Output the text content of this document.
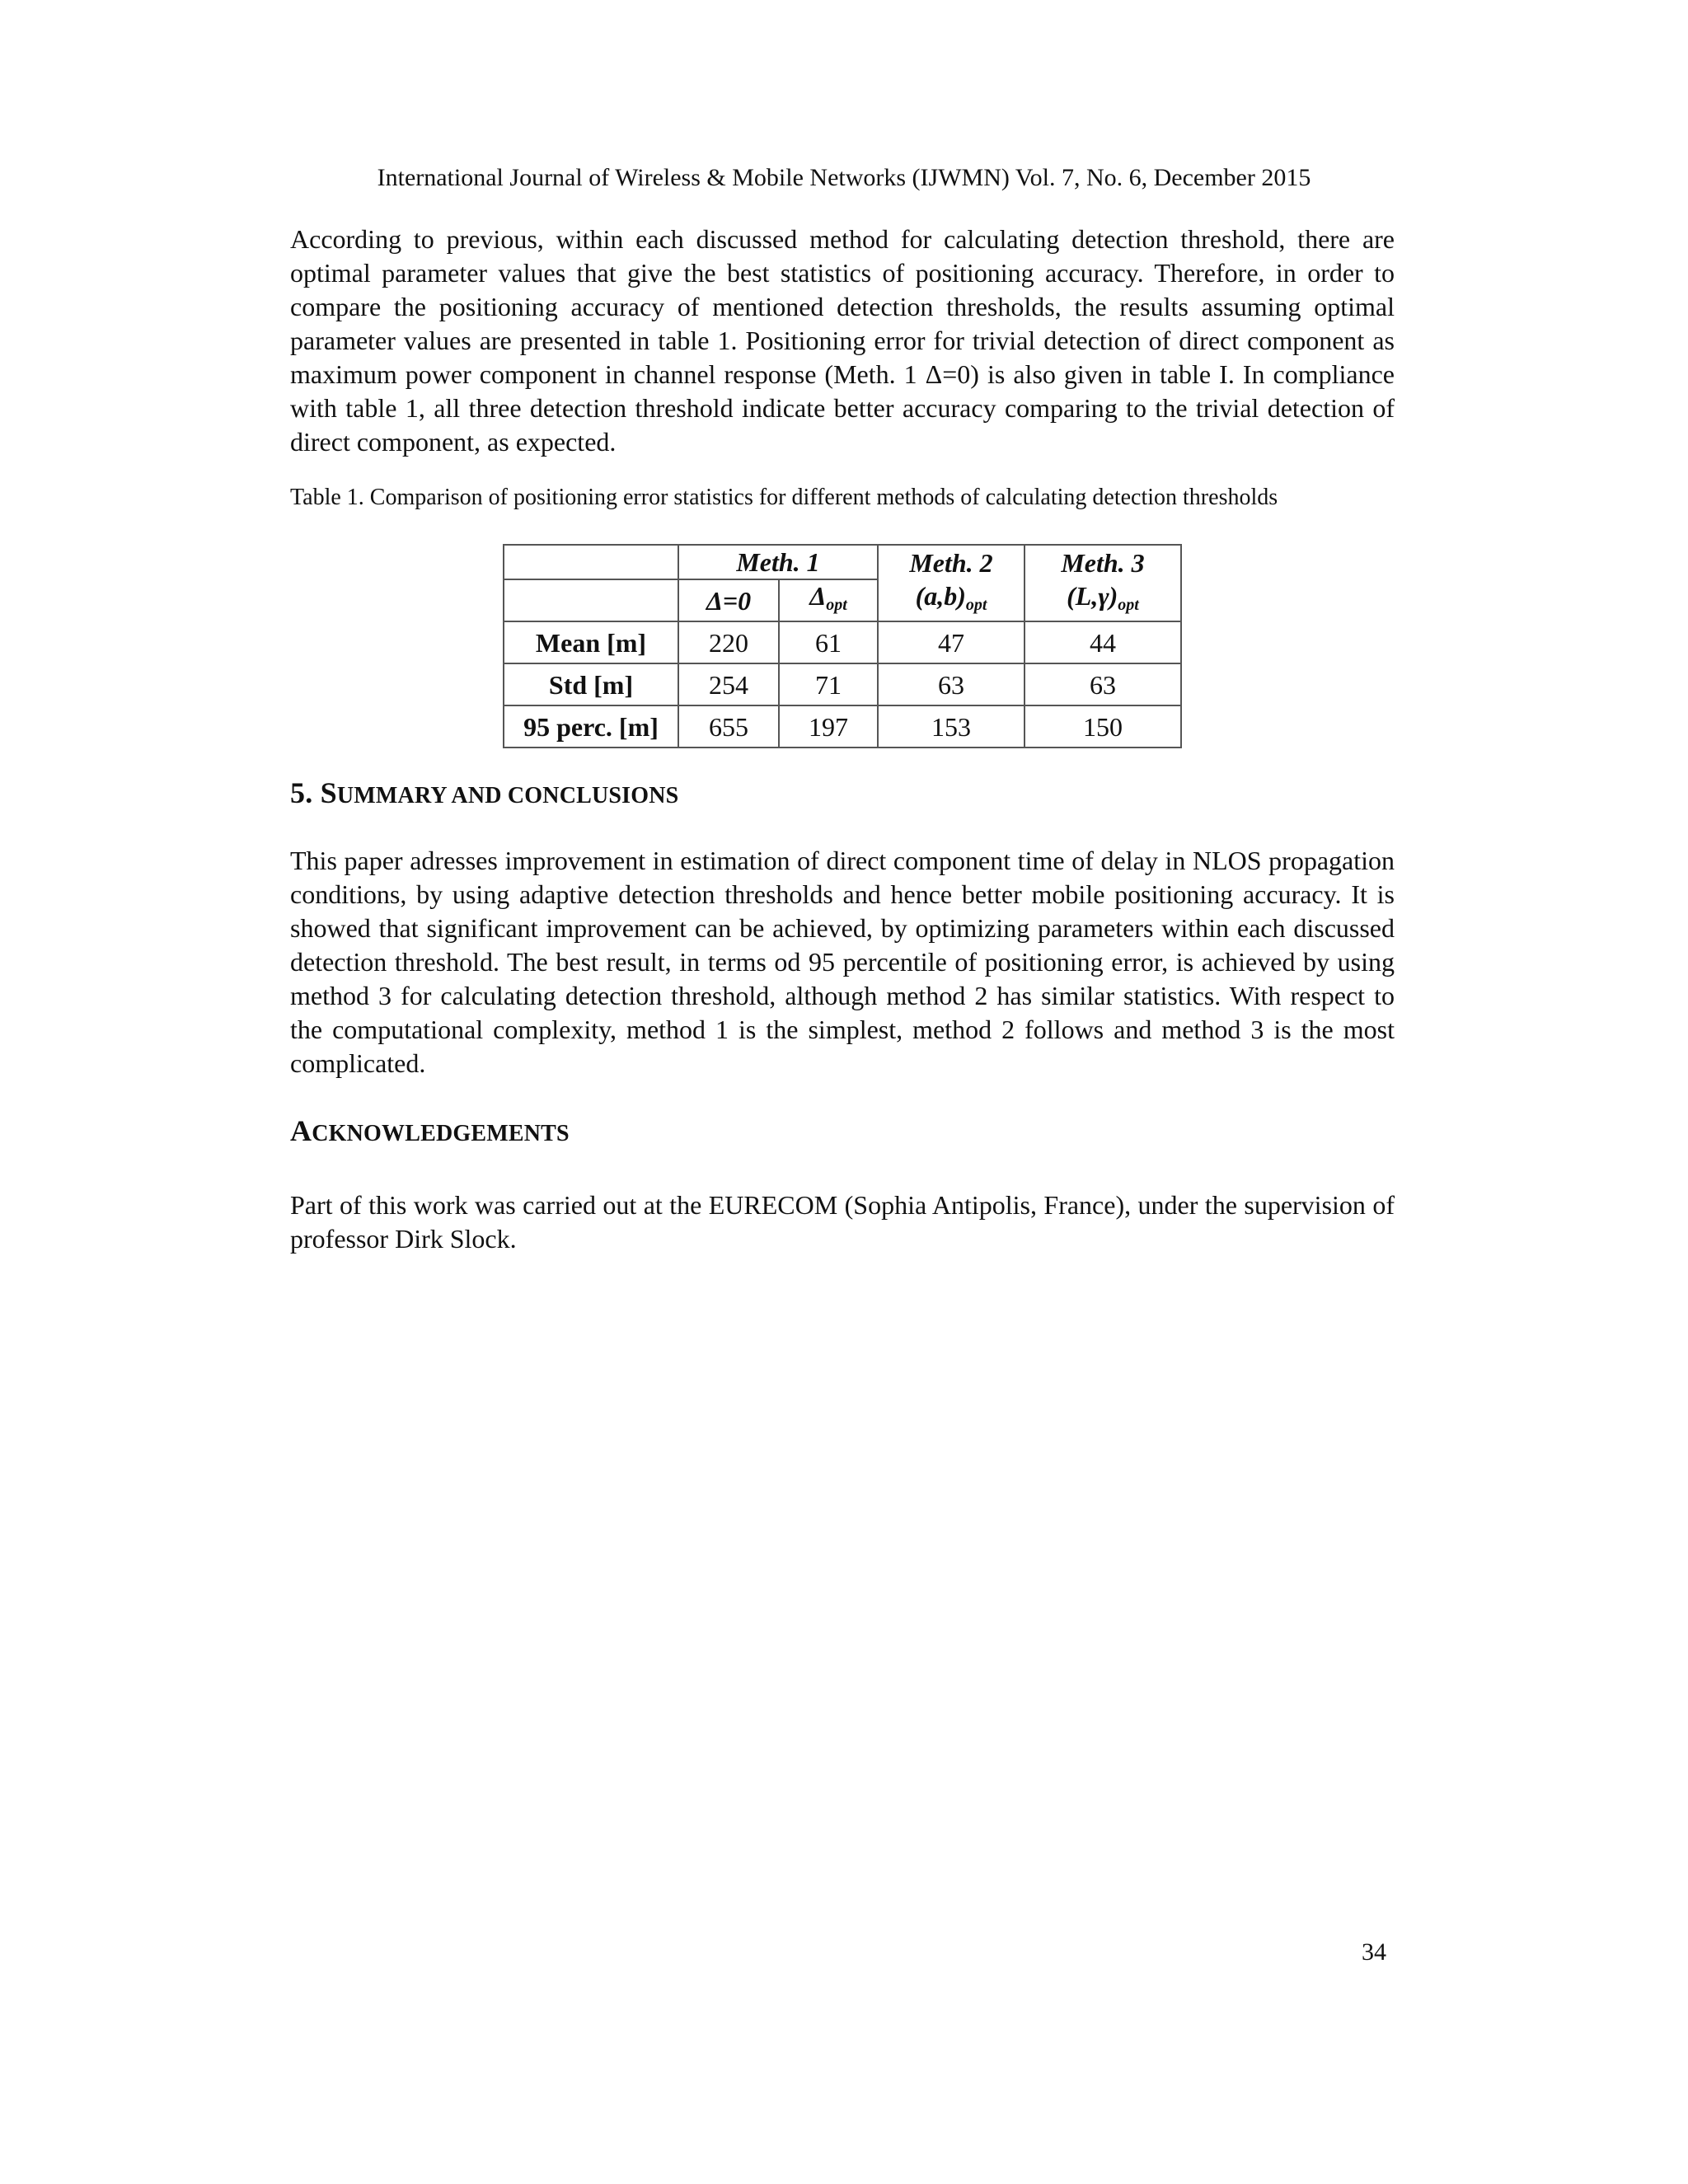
International Journal of Wireless & Mobile Networks (IJWMN) Vol. 7, No. 6, December 2015

According to previous, within each discussed method for calculating detection threshold, there are optimal parameter values that give the best statistics of positioning accuracy. Therefore, in order to compare the positioning accuracy of mentioned detection thresholds, the results assuming optimal parameter values are presented in table 1. Positioning error for trivial detection of direct component as maximum power component in channel response (Meth. 1 Δ=0) is also given in table I. In compliance with table 1, all three detection threshold indicate better accuracy comparing to the trivial detection of direct component, as expected.

Table 1. Comparison of positioning error statistics for different methods of calculating detection thresholds
	Meth. 1		Meth. 2	Meth. 3
	Δ=0	$\Delta_{opt}$	$(a,b)_{opt}$	$(L,\gamma)_{opt}$
Mean [m]	220	61	47	44
Std [m]	254	71	63	63
95 perc. [m]	655	197	153	150
5. SUMMARY AND CONCLUSIONS

This paper adresses improvement in estimation of direct component time of delay in NLOS propagation conditions, by using adaptive detection thresholds and hence better mobile positioning accuracy. It is showed that significant improvement can be achieved, by optimizing parameters within each discussed detection threshold. The best result, in terms od 95 percentile of positioning error, is achieved by using method 3 for calculating detection threshold, although method 2 has similar statistics. With respect to the computational complexity, method 1 is the simplest, method 2 follows and method 3 is the most complicated.

ACKNOWLEDGEMENTS

Part of this work was carried out at the EURECOM (Sophia Antipolis, France), under the supervision of professor Dirk Slock.

34
